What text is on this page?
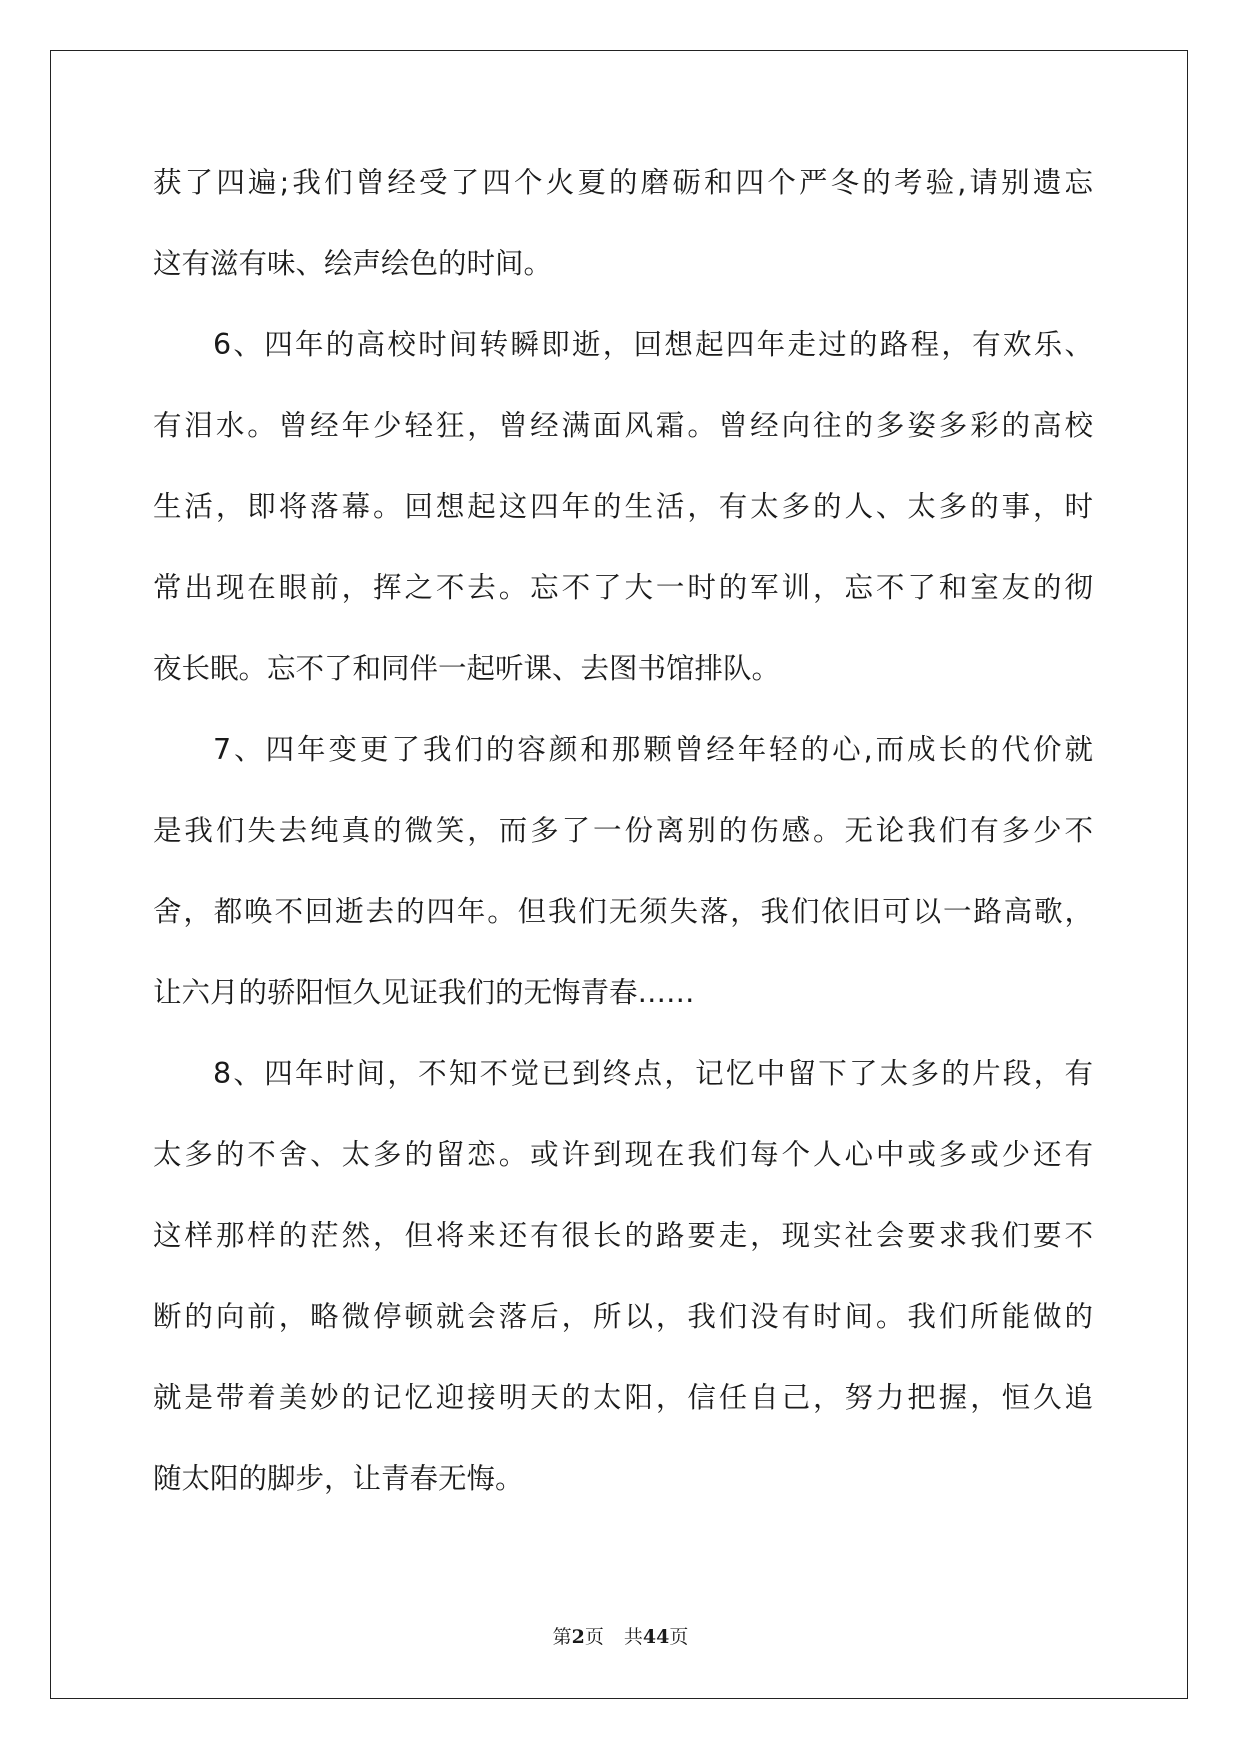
获了四遍;我们曾经受了四个火夏的磨砺和四个严冬的考验,请别遗忘
这有滋有味、绘声绘色的时间。
6、四年的高校时间转瞬即逝，回想起四年走过的路程，有欢乐、
有泪水。曾经年少轻狂，曾经满面风霜。曾经向往的多姿多彩的高校
生活，即将落幕。回想起这四年的生活，有太多的人、太多的事，时
常出现在眼前，挥之不去。忘不了大一时的军训，忘不了和室友的彻
夜长眠。忘不了和同伴一起听课、去图书馆排队。
7、四年变更了我们的容颜和那颗曾经年轻的心,而成长的代价就
是我们失去纯真的微笑，而多了一份离别的伤感。无论我们有多少不
舍，都唤不回逝去的四年。但我们无须失落，我们依旧可以一路高歌，
让六月的骄阳恒久见证我们的无悔青春……
8、四年时间，不知不觉已到终点，记忆中留下了太多的片段，有
太多的不舍、太多的留恋。或许到现在我们每个人心中或多或少还有
这样那样的茫然，但将来还有很长的路要走，现实社会要求我们要不
断的向前，略微停顿就会落后，所以，我们没有时间。我们所能做的
就是带着美妙的记忆迎接明天的太阳，信任自己，努力把握，恒久追
随太阳的脚步，让青春无悔。
第2页 共44页
